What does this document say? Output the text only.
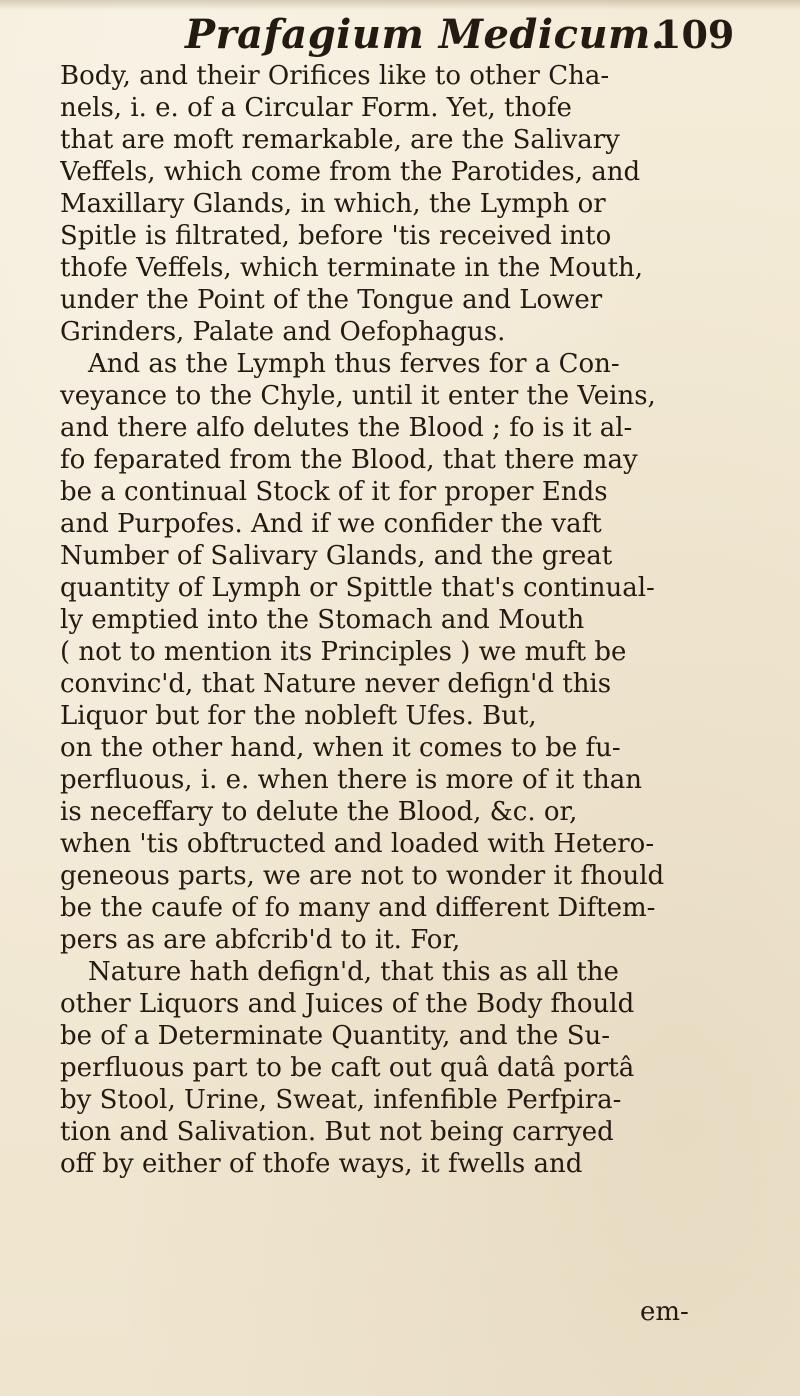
Prafagium Medicum.
109
Body, and their Orifices like to other Cha-
nels, i. e. of a Circular Form. Yet, thofe
that are moft remarkable, are the Salivary
Veffels, which come from the Parotides, and
Maxillary Glands, in which, the Lymph or
Spitle is filtrated, before 'tis received into
thofe Veffels, which terminate in the Mouth,
under the Point of the Tongue and Lower
Grinders, Palate and Oefophagus.
And as the Lymph thus ferves for a Con-
veyance to the Chyle, until it enter the Veins,
and there alfo delutes the Blood ; fo is it al-
fo feparated from the Blood, that there may
be a continual Stock of it for proper Ends
and Purpofes. And if we confider the vaft
Number of Salivary Glands, and the great
quantity of Lymph or Spittle that's continual-
ly emptied into the Stomach and Mouth
( not to mention its Principles ) we muft be
convinc'd, that Nature never defign'd this
Liquor but for the nobleft Ufes. But,
on the other hand, when it comes to be fu-
perfluous, i. e. when there is more of it than
is neceffary to delute the Blood, &c. or,
when 'tis obftructed and loaded with Hetero-
geneous parts, we are not to wonder it fhould
be the caufe of fo many and different Diftem-
pers as are abfcrib'd to it. For,
Nature hath defign'd, that this as all the
other Liquors and Juices of the Body fhould
be of a Determinate Quantity, and the Su-
perfluous part to be caft out quâ datâ portâ
by Stool, Urine, Sweat, infenfible Perfpira-
tion and Salivation. But not being carryed
off by either of thofe ways, it fwells and
em-
